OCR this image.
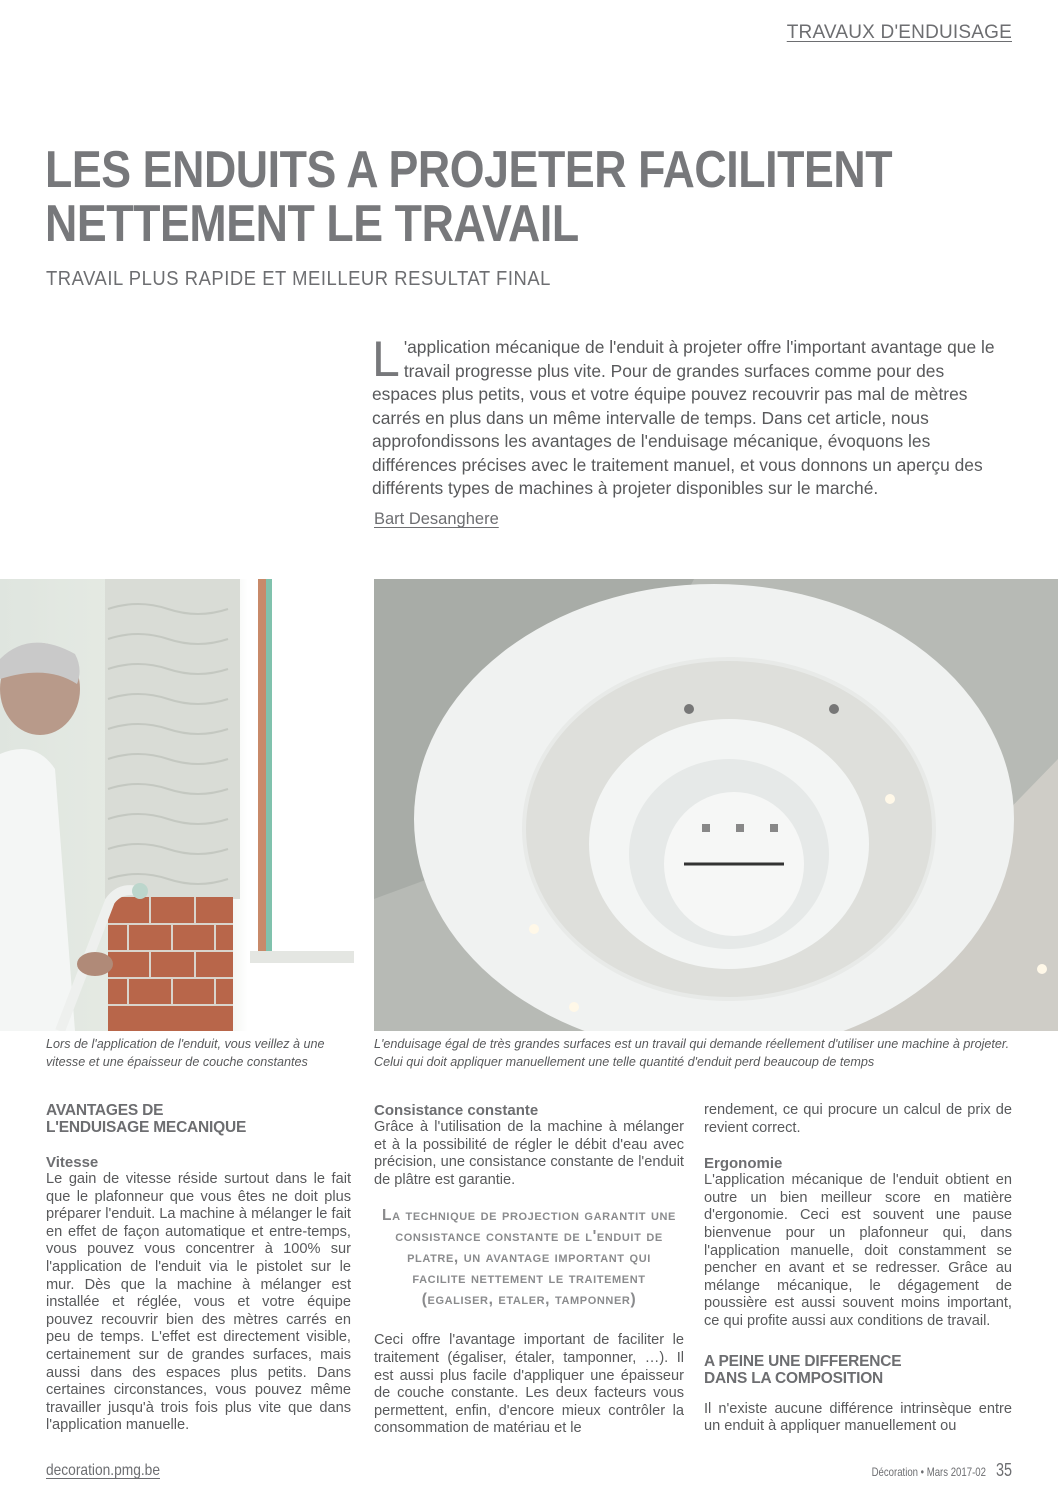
TRAVAUX D'ENDUISAGE
LES ENDUITS A PROJETER FACILITENT
NETTEMENT LE TRAVAIL
TRAVAIL PLUS RAPIDE ET MEILLEUR RESULTAT FINAL
L 'application mécanique de l'enduit à projeter offre l'important avantage que le travail progresse plus vite. Pour de grandes surfaces comme pour des espaces plus petits, vous et votre équipe pouvez recouvrir pas mal de mètres carrés en plus dans un même intervalle de temps. Dans cet article, nous approfondissons les avantages de l'enduisage mécanique, évoquons les différences précises avec le traitement manuel, et vous donnons un aperçu des différents types de machines à projeter disponibles sur le marché.
Bart Desanghere
Lors de l'application de l'enduit, vous veillez à une vitesse et une épaisseur de couche constantes
L'enduisage égal de très grandes surfaces est un travail qui demande réellement d'utiliser une machine à projeter. Celui qui doit appliquer manuellement une telle quantité d'enduit perd beaucoup de temps
AVANTAGES DE
L'ENDUISAGE MECANIQUE
Vitesse

Le gain de vitesse réside surtout dans le fait que le plafonneur que vous êtes ne doit plus préparer l'enduit. La machine à mélanger le fait en effet de façon automatique et entre-temps, vous pouvez vous concentrer à 100% sur l'application de l'enduit via le pistolet sur le mur. Dès que la machine à mélanger est installée et réglée, vous et votre équipe pouvez recouvrir bien des mètres carrés en peu de temps. L'effet est directement visible, certainement sur de grandes surfaces, mais aussi dans des espaces plus petits. Dans certaines circonstances, vous pouvez même travailler jusqu'à trois fois plus vite que dans l'application manuelle.

Consistance constante

Grâce à l'utilisation de la machine à mélanger et à la possibilité de régler le débit d'eau avec précision, une consistance constante de l'enduit de plâtre est garantie.

La technique de projection garantit une consistance constante de l'enduit de platre, un avantage important qui facilite nettement le traitement (egaliser, etaler, tamponner)

Ceci offre l'avantage important de faciliter le traitement (égaliser, étaler, tamponner, …). Il est aussi plus facile d'appliquer une épaisseur de couche constante. Les deux facteurs vous permettent, enfin, d'encore mieux contrôler la consommation de matériau et le

rendement, ce qui procure un calcul de prix de revient correct.

Ergonomie

L'application mécanique de l'enduit obtient en outre un bien meilleur score en matière d'ergonomie. Ceci est souvent une pause bienvenue pour un plafonneur qui, dans l'application manuelle, doit constamment se pencher en avant et se redresser. Grâce au mélange mécanique, le dégagement de poussière est aussi souvent moins important, ce qui profite aussi aux conditions de travail.

A PEINE UNE DIFFERENCE
DANS LA COMPOSITION

Il n'existe aucune différence intrinsèque entre un enduit à appliquer manuellement ou

decoration.pmg.be	Décoration • Mars 2017-02 35
